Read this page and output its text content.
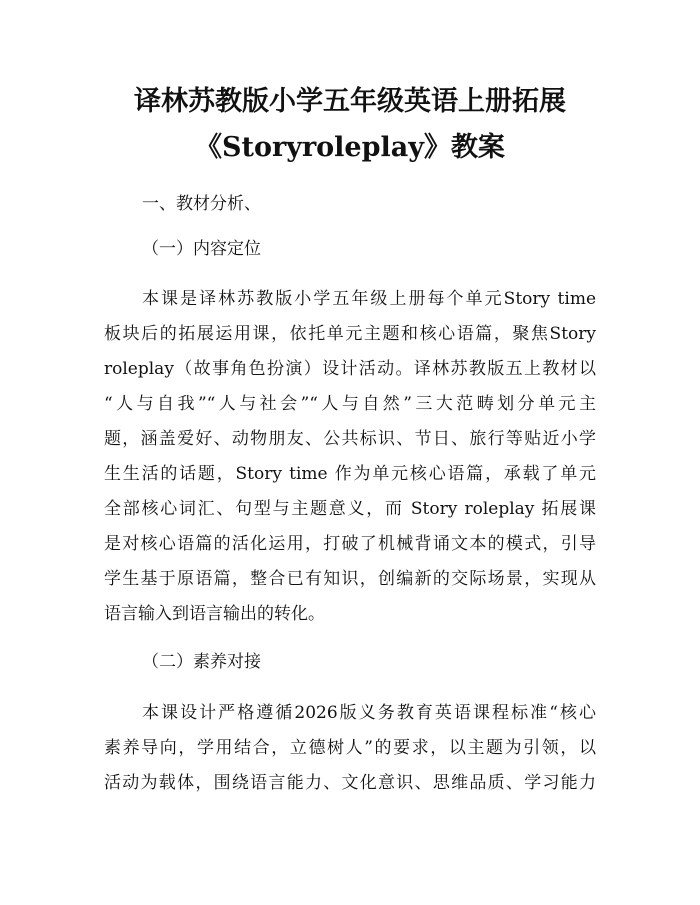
译林苏教版小学五年级英语上册拓展
《Storyroleplay》教案
一、教材分析、
（一）内容定位
本课是译林苏教版小学五年级上册每个单元Story time
板块后的拓展运用课，依托单元主题和核心语篇，聚焦Story
roleplay（故事角色扮演）设计活动。译林苏教版五上教材以
“人与自我”“人与社会”“人与自然”三大范畴划分单元主
题，涵盖爱好、动物朋友、公共标识、节日、旅行等贴近小学
生生活的话题，Story time 作为单元核心语篇，承载了单元
全部核心词汇、句型与主题意义，而 Story roleplay 拓展课
是对核心语篇的活化运用，打破了机械背诵文本的模式，引导
学生基于原语篇，整合已有知识，创编新的交际场景，实现从
语言输入到语言输出的转化。
（二）素养对接
本课设计严格遵循2026版义务教育英语课程标准“核心
素养导向，学用结合，立德树人”的要求，以主题为引领，以
活动为载体，围绕语言能力、文化意识、思维品质、学习能力
